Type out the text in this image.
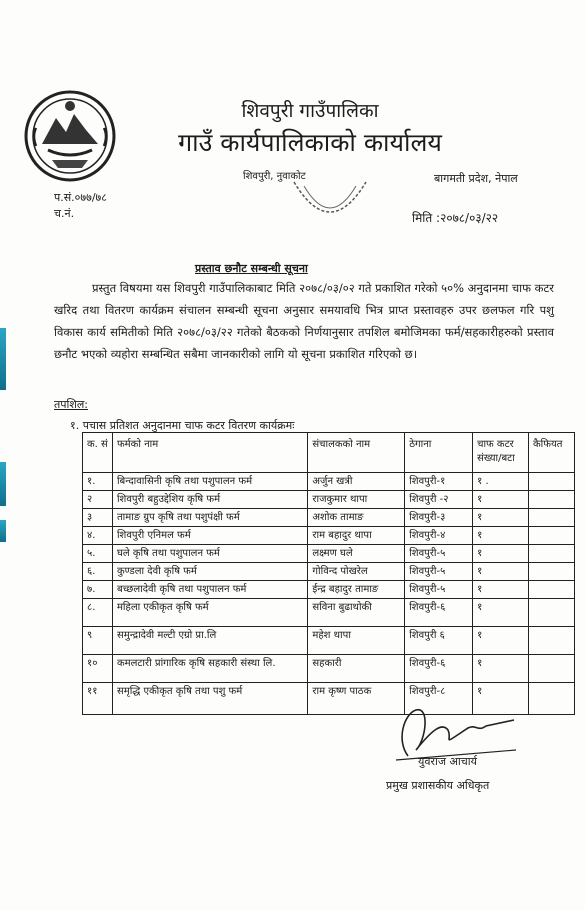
शिवपुरी गाउँपालिका
गाउँ कार्यपालिकाको कार्यालय
शिवपुरी, नुवाकोट	बागमती प्रदेश, नेपाल
प.सं.०७७/७८
च.नं.	मिति :२०७८/०३/२२
प्रस्ताव छनौट सम्बन्धी सूचना
प्रस्तुत विषयमा यस शिवपुरी गाउँपालिकाबाट मिति २०७८/०३/०२ गते प्रकाशित गरेको ५०% अनुदानमा चाफ कटर खरिद तथा वितरण कार्यक्रम संचालन सम्बन्धी सूचना अनुसार समयावधि भित्र प्राप्त प्रस्तावहरु उपर छलफल गरि पशु विकास कार्य समितीको मिति २०७८/०३/२२ गतेको बैठकको निर्णयानुसार तपशिल बमोजिमका फर्म/सहकारीहरुको प्रस्ताव छनौट भएको व्यहोरा सम्बन्धित सबैमा जानकारीको लागि यो सूचना प्रकाशित गरिएको छ।
तपशिल:
१. पचास प्रतिशत अनुदानमा चाफ कटर वितरण कार्यक्रमः
क. सं	फर्मको नाम	संचालकको नाम	ठेगाना	चाफ कटर संख्या/बटा	कैफियत
१.	बिन्दावासिनी कृषि तथा पशुपालन फर्म	अर्जुन खत्री	शिवपुरी-१	१ .	
२	शिवपुरी बहुउद्देशिय कृषि फर्म	राजकुमार थापा	शिवपुरी -२	१	
३	तामाङ ग्रुप कृषि तथा पशुपंक्षी फर्म	अशोक तामाङ	शिवपुरी-३	१	
४.	शिवपुरी एनिमल फर्म	राम बहादुर थापा	शिवपुरी-४	१	
५.	घले कृषि तथा पशुपालन फर्म	लक्ष्मण घले	शिवपुरी-५	१	
६.	कुण्डला देवी कृषि फर्म	गोविन्द पोखरेल	शिवपुरी-५	१	
७.	बच्छलादेवी कृषि तथा पशुपालन फर्म	ईन्द्र बहादुर तामाङ	शिवपुरी-५	१	
८.	महिला एकीकृत कृषि फर्म	सविना बुढाथोकी	शिवपुरी-६	१	
९	समुन्द्रादेवी मल्टी एग्रो प्रा.लि	महेश थापा	शिवपुरी ६	१	
१०	कमलटारी प्रांगारिक कृषि सहकारी संस्था लि.	सहकारी	शिवपुरी-६	१	
११	समृद्धि एकीकृत कृषि तथा पशु फर्म	राम कृष्ण पाठक	शिवपुरी-८	१	
युवराज आचार्य
प्रमुख प्रशासकीय अधिकृत
